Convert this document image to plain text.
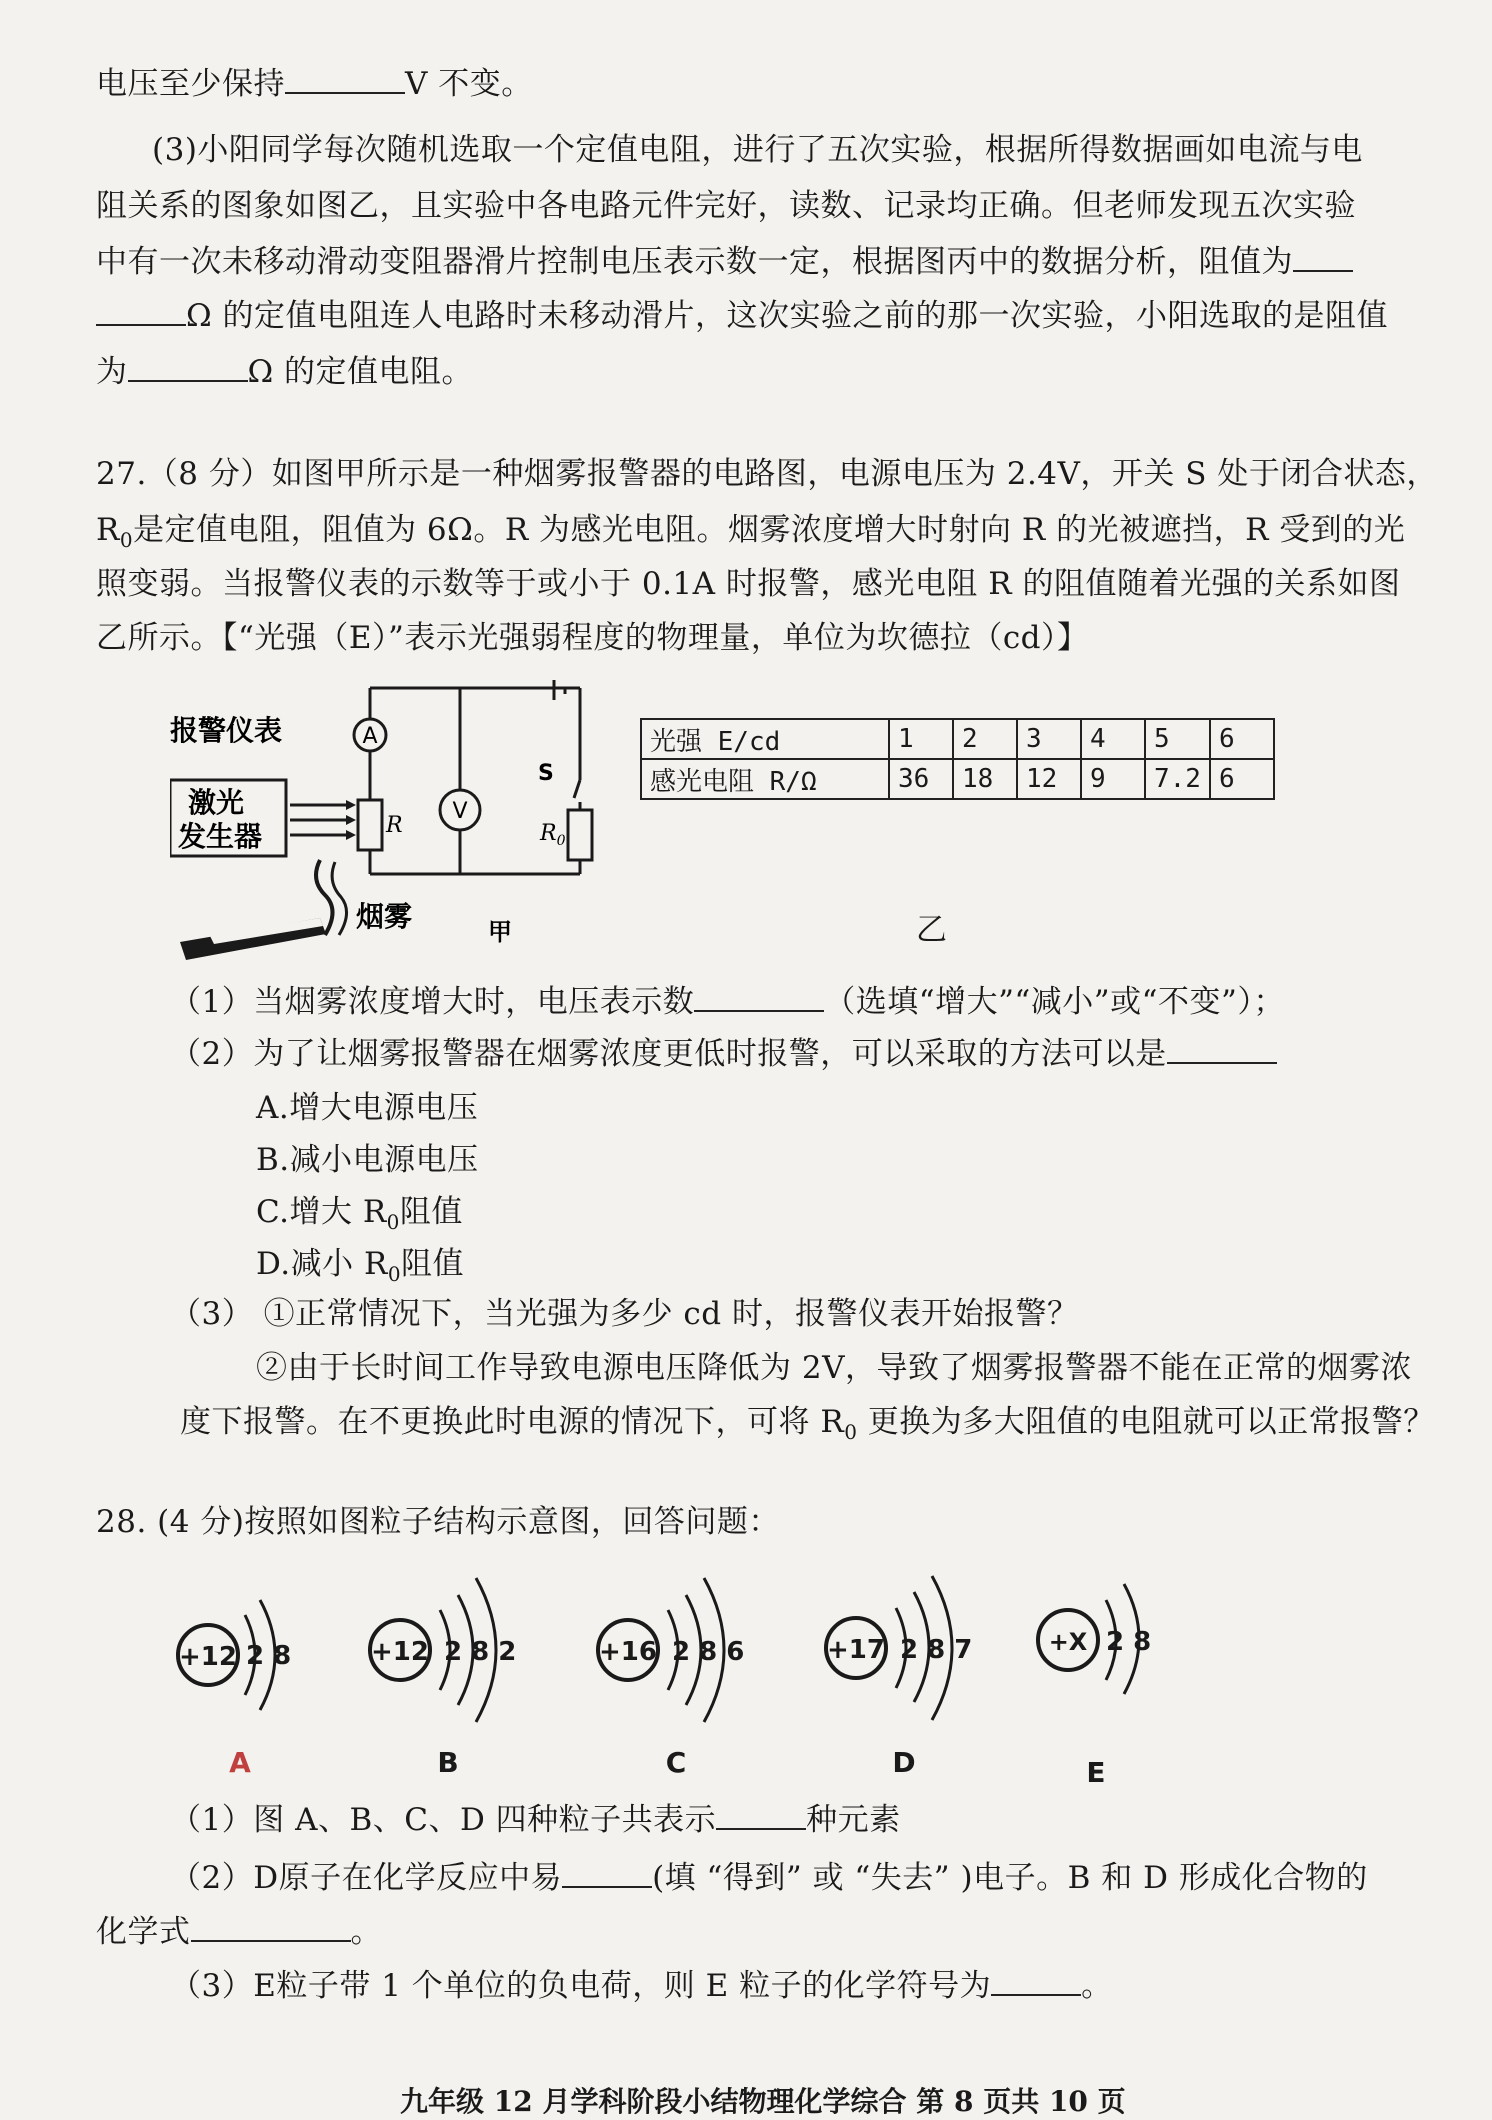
电压至少保持	V 不变。
(3)小阳同学每次随机选取一个定值电阻，进行了五次实验，根据所得数据画如电流与电
阻关系的图象如图乙，且实验中各电路元件完好，读数、记录均正确。但老师发现五次实验
中有一次未移动滑动变阻器滑片控制电压表示数一定，根据图丙中的数据分析，阻值为
Ω 的定值电阻连人电路时未移动滑片，这次实验之前的那一次实验，小阳选取的是阻值
为	Ω 的定值电阻。
27.（8 分）如图甲所示是一种烟雾报警器的电路图，电源电压为 2.4V，开关 S 处于闭合状态，
$R_0$是定值电阻，阻值为 6Ω。R 为感光电阻。烟雾浓度增大时射向 R 的光被遮挡，R 受到的光
照变弱。当报警仪表的示数等于或小于 0.1A 时报警，感光电阻 R 的阻值随着光强的关系如图
乙所示。【“光强（E）”表示光强弱程度的物理量，单位为坎德拉（cd）】
A
V
报警仪表
激光
发生器	R	$R_0$
S
烟雾	甲
光强 E/cd	1	2	3	4	5	6
感光电阻 R/Ω	36	18	12	9	7.2	6
乙
（1）当烟雾浓度增大时，电压表示数	（选填“增大”“减小”或“不变”）；
（2）为了让烟雾报警器在烟雾浓度更低时报警，可以采取的方法可以是
A.增大电源电压
B.减小电源电压
C.增大 $R_0$阻值
D.减小 $R_0$阻值
（3） ①正常情况下，当光强为多少 cd 时，报警仪表开始报警？
②由于长时间工作导致电源电压降低为 2V，导致了烟雾报警器不能在正常的烟雾浓
度下报警。在不更换此时电源的情况下，可将 $R_0$ 更换为多大阻值的电阻就可以正常报警？
28. (4 分)按照如图粒子结构示意图，回答问题：
+12 2 8
A
+12 2 8 2
B
+16 2 8 6
C
+17 2 8 7
D
+X 2 8
E
（1）图 A、B、C、D 四种粒子共表示	种元素
（2）D原子在化学反应中易	(填 “得到” 或 “失去” )电子。B 和 D 形成化合物的
化学式	。
（3）E粒子带 1 个单位的负电荷，则 E 粒子的化学符号为	。
九年级 12 月学科阶段小结物理化学综合 第 8 页共 10 页
